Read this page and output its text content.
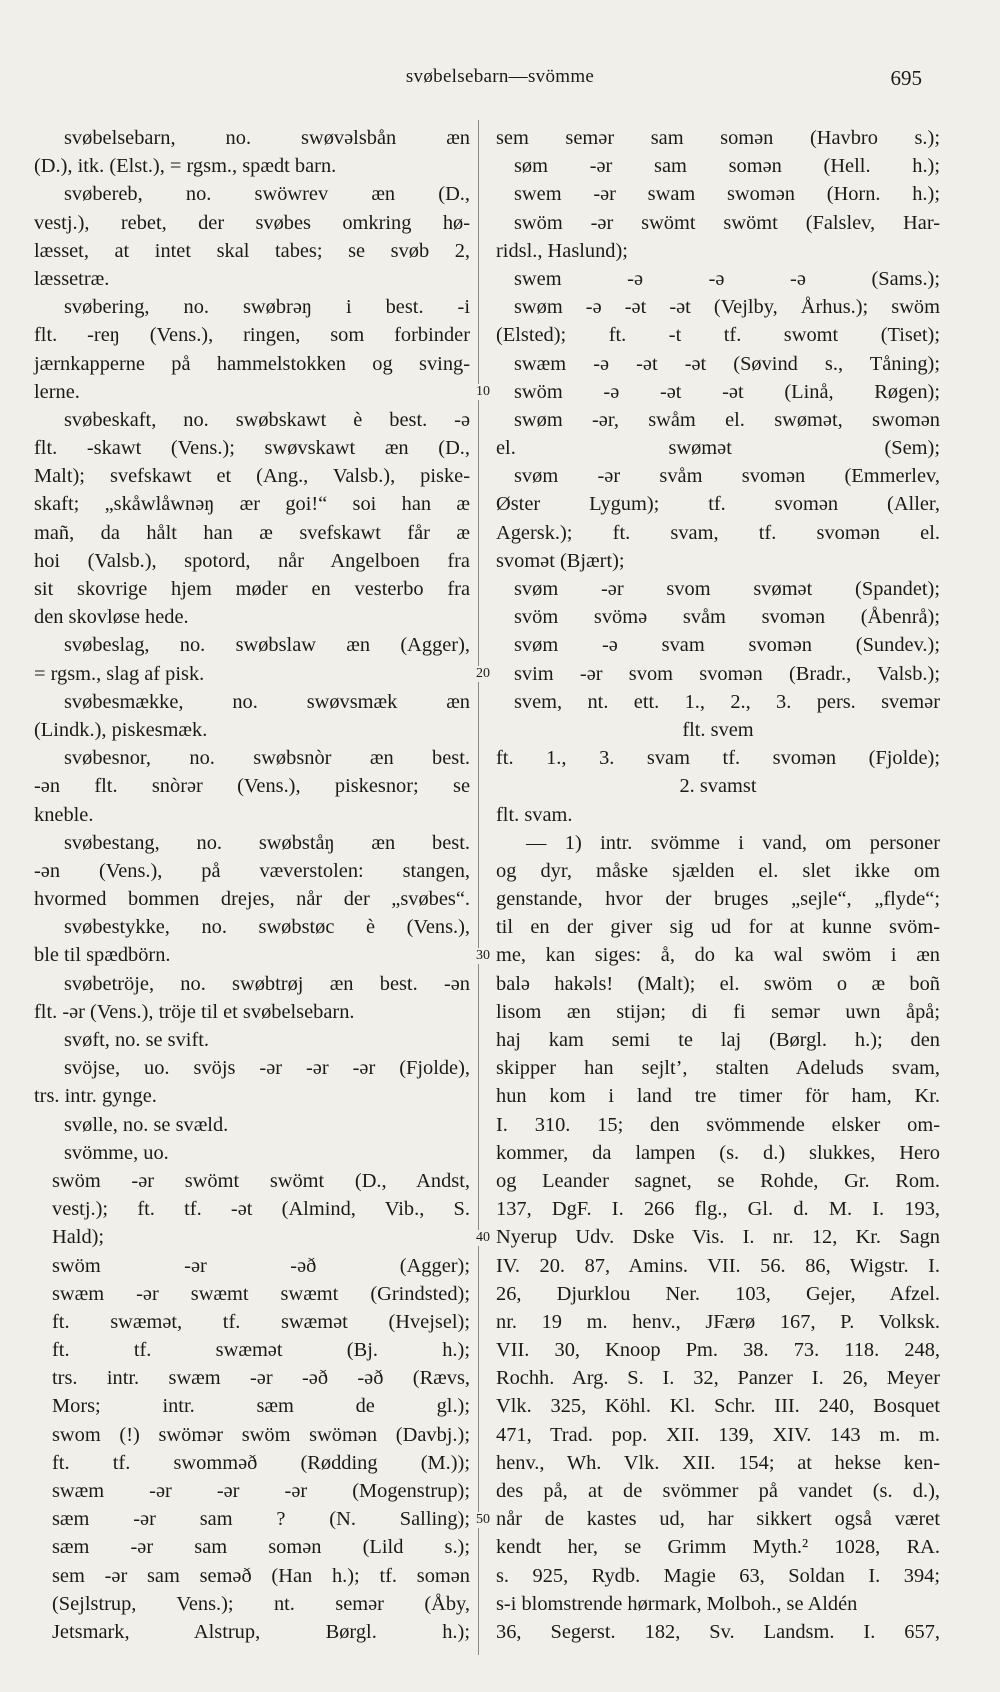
svøbelsebarn—svömme	695
svøbelsebarn, no. swøvəlsbån æn
(D.), itk. (Elst.), = rgsm., spædt barn.
svøbereb, no. swöwrev æn (D.,
vestj.), rebet, der svøbes omkring hø-
læsset, at intet skal tabes; se svøb 2,
læssetræ.
svøbering, no. swøbrəŋ i best. -i
flt. -reŋ (Vens.), ringen, som forbinder
jærnkapperne på hammelstokken og sving-
lerne.
svøbeskaft, no. swøbskawt è best. -ə
flt. -skawt (Vens.); swøvskawt æn (D.,
Malt); svefskawt et (Ang., Valsb.), piske-
skaft; „skåwlåwnəŋ ær goi!“ soi han æ
mañ, da hålt han æ svefskawt får æ
hoi (Valsb.), spotord, når Angelboen fra
sit skovrige hjem møder en vesterbo fra
den skovløse hede.
svøbeslag, no. swøbslaw æn (Agger),
= rgsm., slag af pisk.
svøbesmække, no. swøvsmæk æn
(Lindk.), piskesmæk.
svøbesnor, no. swøbsnòr æn best.
-ən flt. snòrər (Vens.), piskesnor; se
kneble.
svøbestang, no. swøbståŋ æn best.
-ən (Vens.), på væverstolen: stangen,
hvormed bommen drejes, når der „svøbes“.
svøbestykke, no. swøbstøc è (Vens.),
ble til spædbörn.
svøbetröje, no. swøbtrøj æn best. -ən
flt. -ər (Vens.), tröje til et svøbelsebarn.
svøft, no. se svift.
svöjse, uo. svöjs -ər -ər -ər (Fjolde),
trs. intr. gynge.
svølle, no. se svæld.
svömme, uo.
swöm -ər swömt swömt (D., Andst,
vestj.); ft. tf. -ət (Almind, Vib., S.
Hald);
swöm -ər -əð (Agger);
swæm -ər swæmt swæmt (Grindsted);
ft. swæmət, tf. swæmət (Hvejsel);
ft. tf. swæmət (Bj. h.);
trs. intr. swæm -ər -əð -əð (Rævs,
Mors; intr. sæm de gl.);
swom (!) swömər swöm swömən (Davbj.);
ft. tf. swomməð (Rødding (M.));
swæm -ər -ər -ər (Mogenstrup);
sæm -ər sam ? (N. Salling);
sæm -ər sam somən (Lild s.);
sem -ər sam seməð (Han h.); tf. somən
(Sejlstrup, Vens.); nt. semər (Åby,
Jetsmark, Alstrup, Børgl. h.);
sem semər sam somən (Havbro s.);
søm -ər sam somən (Hell. h.);
swem -ər swam swomən (Horn. h.);
swöm -ər swömt swömt (Falslev, Har-
ridsl., Haslund);
swem -ə -ə -ə (Sams.);
swøm -ə -ət -ət (Vejlby, Århus.); swöm
(Elsted); ft. -t tf. swomt (Tiset);
swæm -ə -ət -ət (Søvind s., Tåning);
swöm -ə -ət -ət (Linå, Røgen);
swøm -ər, swåm el. swømət, swomən
el. swømət (Sem);
svøm -ər svåm svomən (Emmerlev,
Øster Lygum); tf. svomən (Aller,
Agersk.); ft. svam, tf. svomən el.
svomət (Bjært);
svøm -ər svom svømət (Spandet);
svöm svömə svåm svomən (Åbenrå);
svøm -ə svam svomən (Sundev.);
svim -ər svom svomən (Bradr., Valsb.);
svem, nt. ett. 1., 2., 3. pers. svemər
flt. svem
ft. 1., 3. svam tf. svomən (Fjolde);
2. svamst
flt. svam.
— 1) intr. svömme i vand, om personer
og dyr, måske sjælden el. slet ikke om
genstande, hvor der bruges „sejle“, „flyde“;
til en der giver sig ud for at kunne svöm-
me, kan siges: å, do ka wal swöm i æn
balə hakəls! (Malt); el. swöm o æ boñ
lisom æn stijən; di fi semər uwn åpå;
haj kam semi te laj (Børgl. h.); den
skipper han sejlt’, stalten Adeluds svam,
hun kom i land tre timer för ham, Kr.
I. 310. 15; den svömmende elsker om-
kommer, da lampen (s. d.) slukkes, Hero
og Leander sagnet, se Rohde, Gr. Rom.
137, DgF. I. 266 flg., Gl. d. M. I. 193,
Nyerup Udv. Dske Vis. I. nr. 12, Kr. Sagn
IV. 20. 87, Amins. VII. 56. 86, Wigstr. I.
26, Djurklou Ner. 103, Gejer, Afzel.
nr. 19 m. henv., JFærø 167, P. Volksk.
VII. 30, Knoop Pm. 38. 73. 118. 248,
Rochh. Arg. S. I. 32, Panzer I. 26, Meyer
Vlk. 325, Köhl. Kl. Schr. III. 240, Bosquet
471, Trad. pop. XII. 139, XIV. 143 m. m.
henv., Wh. Vlk. XII. 154; at hekse ken-
des på, at de svömmer på vandet (s. d.),
når de kastes ud, har sikkert også været
kendt her, se Grimm Myth.² 1028, RA.
s. 925, Rydb. Magie 63, Soldan I. 394;
s-i blomstrende hørmark, Molboh., se Aldén
36, Segerst. 182, Sv. Landsm. I. 657,
10
20
30
40
50
